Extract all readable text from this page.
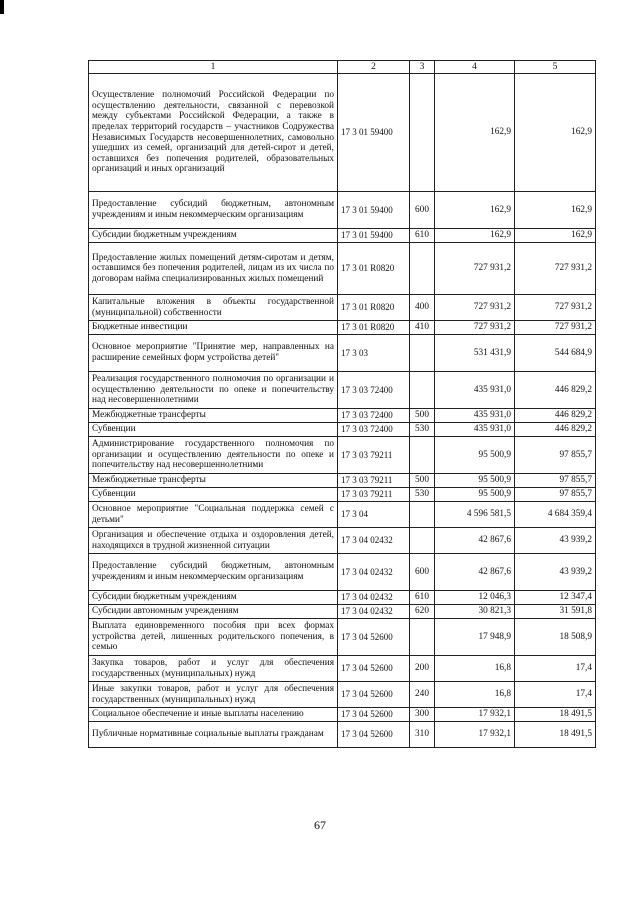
1	2	3	4	5
Осуществление полномочий Российской Федерации по осуществлению деятельности, связанной с перевозкой между субъектами Российской Федерации, а также в пределах территорий государств – участников Содружества Независимых Государств несовершеннолетних, самовольно ушедших из семей, организаций для детей-сирот и детей, оставшихся без попечения родителей, образовательных организаций и иных организаций	17 3 01 59400		162,9	162,9
Предоставление субсидий бюджетным, автономным учреждениям и иным некоммерческим организациям	17 3 01 59400	600	162,9	162,9
Субсидии бюджетным учреждениям	17 3 01 59400	610	162,9	162,9
Предоставление жилых помещений детям-сиротам и детям, оставшимся без попечения родителей, лицам из их числа по договорам найма специализированных жилых помещений	17 3 01 R0820		727 931,2	727 931,2
Капитальные вложения в объекты государственной (муниципальной) собственности	17 3 01 R0820	400	727 931,2	727 931,2
Бюджетные инвестиции	17 3 01 R0820	410	727 931,2	727 931,2
Основное мероприятие "Принятие мер, направленных на расширение семейных форм устройства детей"	17 3 03		531 431,9	544 684,9
Реализация государственного полномочия по организации и осуществлению деятельности по опеке и попечительству над несовершеннолетними	17 3 03 72400		435 931,0	446 829,2
Межбюджетные трансферты	17 3 03 72400	500	435 931,0	446 829,2
Субвенции	17 3 03 72400	530	435 931,0	446 829,2
Администрирование государственного полномочия по организации и осуществлению деятельности по опеке и попечительству над несовершеннолетними	17 3 03 79211		95 500,9	97 855,7
Межбюджетные трансферты	17 3 03 79211	500	95 500,9	97 855,7
Субвенции	17 3 03 79211	530	95 500,9	97 855,7
Основное мероприятие "Социальная поддержка семей с детьми"	17 3 04		4 596 581,5	4 684 359,4
Организация и обеспечение отдыха и оздоровления детей, находящихся в трудной жизненной ситуации	17 3 04 02432		42 867,6	43 939,2
Предоставление субсидий бюджетным, автономным учреждениям и иным некоммерческим организациям	17 3 04 02432	600	42 867,6	43 939,2
Субсидии бюджетным учреждениям	17 3 04 02432	610	12 046,3	12 347,4
Субсидии автономным учреждениям	17 3 04 02432	620	30 821,3	31 591,8
Выплата единовременного пособия при всех формах устройства детей, лишенных родительского попечения, в семью	17 3 04 52600		17 948,9	18 508,9
Закупка товаров, работ и услуг для обеспечения государственных (муниципальных) нужд	17 3 04 52600	200	16,8	17,4
Иные закупки товаров, работ и услуг для обеспечения государственных (муниципальных) нужд	17 3 04 52600	240	16,8	17,4
Социальное обеспечение и иные выплаты населению	17 3 04 52600	300	17 932,1	18 491,5
Публичные нормативные социальные выплаты гражданам	17 3 04 52600	310	17 932,1	18 491,5
67
